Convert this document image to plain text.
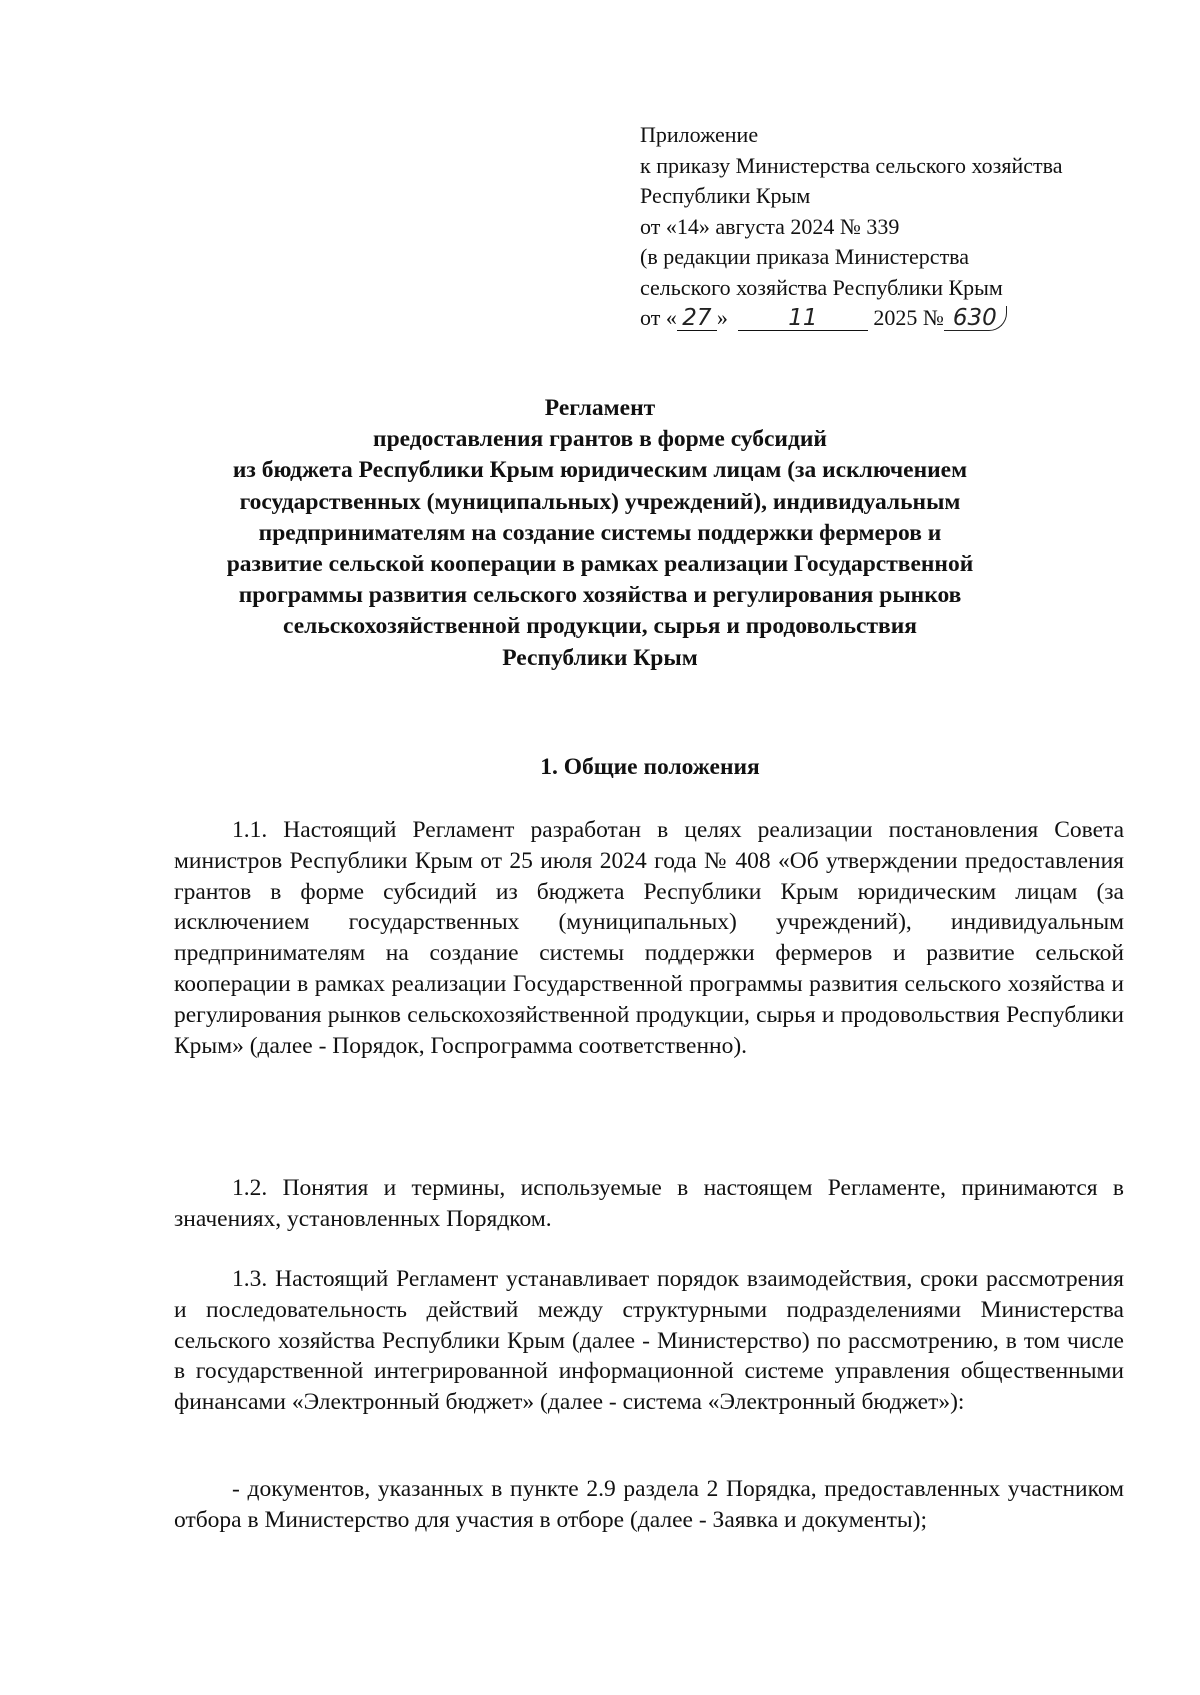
Приложение
к приказу Министерства сельского хозяйства
Республики Крым
от «14» августа 2024 № 339
(в редакции приказа Министерства
сельского хозяйства Республики Крым
от « 27 »	11	2025 № 630
Регламент
предоставления грантов в форме субсидий
из бюджета Республики Крым юридическим лицам (за исключением
государственных (муниципальных) учреждений), индивидуальным
предпринимателям на создание системы поддержки фермеров и
развитие сельской кооперации в рамках реализации Государственной
программы развития сельского хозяйства и регулирования рынков
сельскохозяйственной продукции, сырья и продовольствия
Республики Крым
1. Общие положения

1.1. Настоящий Регламент разработан в целях реализации постановления Совета министров Республики Крым от 25 июля 2024 года № 408 «Об утверждении предоставления грантов в форме субсидий из бюджета Республики Крым юридическим лицам (за исключением государственных (муниципальных) учреждений), индивидуальным предпринимателям на создание системы поддержки фермеров и развитие сельской кооперации в рамках реализации Государственной программы развития сельского хозяйства и регулирования рынков сельскохозяйственной продукции, сырья и продовольствия Республики Крым» (далее - Порядок, Госпрограмма соответственно).

1.2. Понятия и термины, используемые в настоящем Регламенте, принимаются в значениях, установленных Порядком.

1.3. Настоящий Регламент устанавливает порядок взаимодействия, сроки рассмотрения и последовательность действий между структурными подразделениями Министерства сельского хозяйства Республики Крым (далее - Министерство) по рассмотрению, в том числе в государственной интегрированной информационной системе управления общественными финансами «Электронный бюджет» (далее - система «Электронный бюджет»):

- документов, указанных в пункте 2.9 раздела 2 Порядка, предоставленных участником отбора в Министерство для участия в отборе (далее - Заявка и документы);
